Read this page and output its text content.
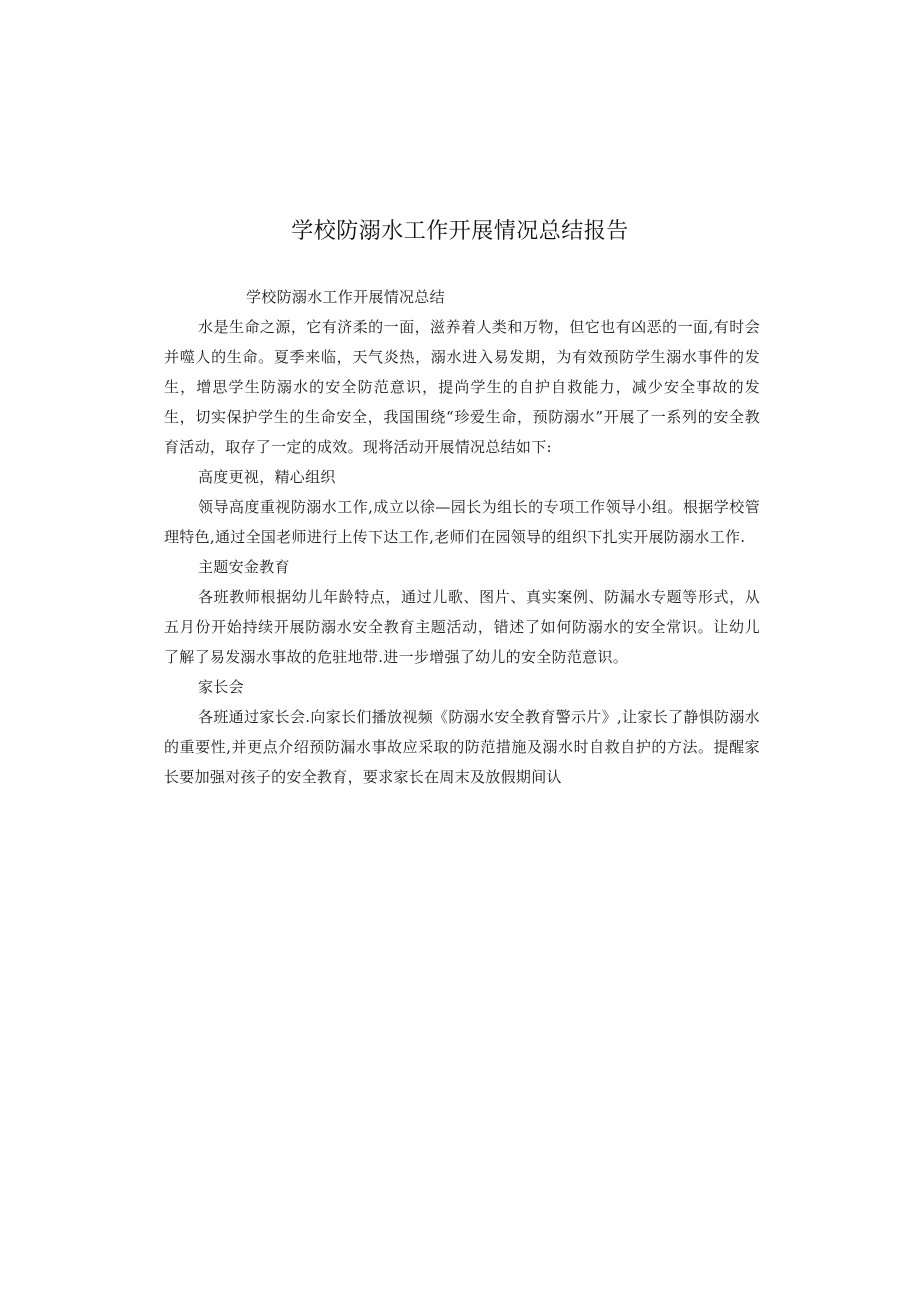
学校防溺水工作开展情况总结报告

学校防溺水工作开展情况总结

水是生命之源，它有济柔的一面，滋养着人类和万物，但它也有凶恶的一面,有时会并噬人的生命。夏季来临，天气炎热，溺水进入易发期，为有效预防学生溺水事件的发生，增思学生防溺水的安全防范意识，提尚学生的自护自救能力，减少安全事故的发生，切实保护学生的生命安全，我国围绕“珍爱生命，预防溺水”开展了一系列的安全教育活动，取存了一定的成效。现将活动开展情况总结如下:

高度更视，精心组织

领导高度重视防溺水工作,成立以徐—园长为组长的专项工作领导小组。根据学校管理特色,通过全国老师进行上传下达工作,老师们在园领导的组织下扎实开展防溺水工作.

主题安金教育

各班教师根据幼儿年龄特点，通过儿歌、图片、真实案例、防漏水专题等形式，从五月份开始持续开展防溺水安全教育主题活动，错述了如何防溺水的安全常识。让幼儿了解了易发溺水事故的危驻地带.进一步增强了幼儿的安全防范意识。

家长会

各班通过家长会.向家长们播放视频《防溺水安全教育警示片》,让家长了静惧防溺水的重要性,并更点介绍预防漏水事故应采取的防范措施及溺水时自救自护的方法。提醒家长要加强对孩子的安全教育，要求家长在周末及放假期间认
